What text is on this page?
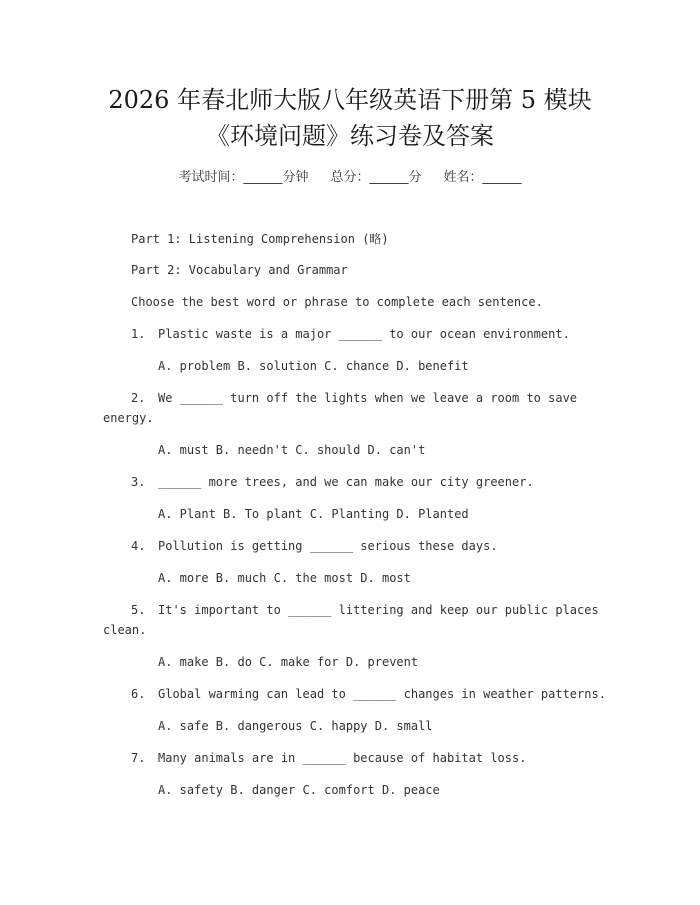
2026 年春北师大版八年级英语下册第 5 模块
《环境问题》练习卷及答案
考试时间：______分钟 总分：______分 姓名：______
Part 1: Listening Comprehension (略)
Part 2: Vocabulary and Grammar
Choose the best word or phrase to complete each sentence.
1. Plastic waste is a major ______ to our ocean environment.
A. problem B. solution C. chance D. benefit
2. We ______ turn off the lights when we leave a room to save
energy.
A. must B. needn't C. should D. can't
3. ______ more trees, and we can make our city greener.
A. Plant B. To plant C. Planting D. Planted
4. Pollution is getting ______ serious these days.
A. more B. much C. the most D. most
5. It's important to ______ littering and keep our public places
clean.
A. make B. do C. make for D. prevent
6. Global warming can lead to ______ changes in weather patterns.
A. safe B. dangerous C. happy D. small
7. Many animals are in ______ because of habitat loss.
A. safety B. danger C. comfort D. peace
